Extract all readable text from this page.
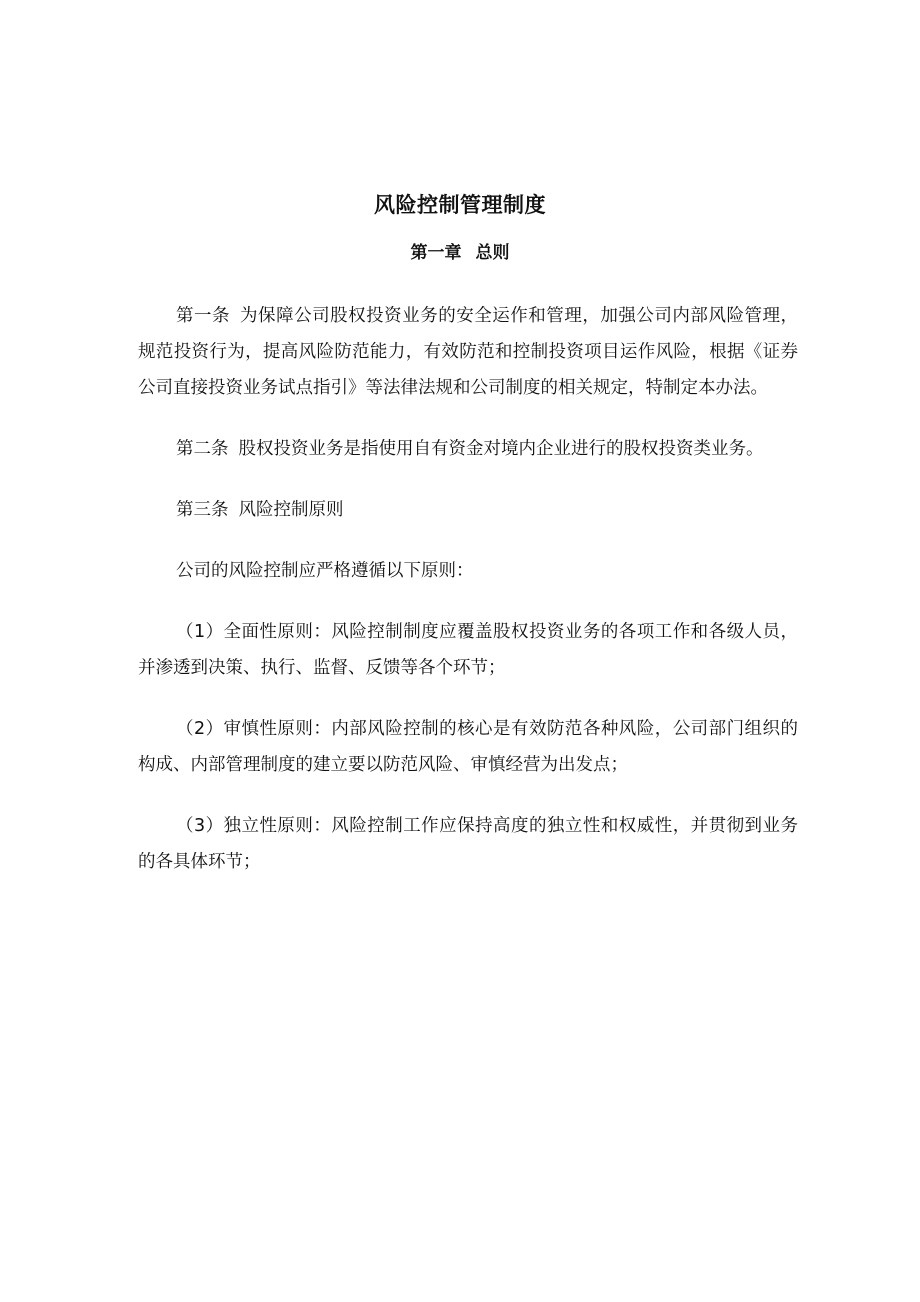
风险控制管理制度
第一章 总则

第一条 为保障公司股权投资业务的安全运作和管理，加强公司内部风险管理，规范投资行为，提高风险防范能力，有效防范和控制投资项目运作风险，根据《证券公司直接投资业务试点指引》等法律法规和公司制度的相关规定，特制定本办法。

第二条 股权投资业务是指使用自有资金对境内企业进行的股权投资类业务。

第三条 风险控制原则

公司的风险控制应严格遵循以下原则：

（1）全面性原则：风险控制制度应覆盖股权投资业务的各项工作和各级人员，并渗透到决策、执行、监督、反馈等各个环节；

（2）审慎性原则：内部风险控制的核心是有效防范各种风险，公司部门组织的构成、内部管理制度的建立要以防范风险、审慎经营为出发点；

（3）独立性原则：风险控制工作应保持高度的独立性和权威性，并贯彻到业务的各具体环节；
